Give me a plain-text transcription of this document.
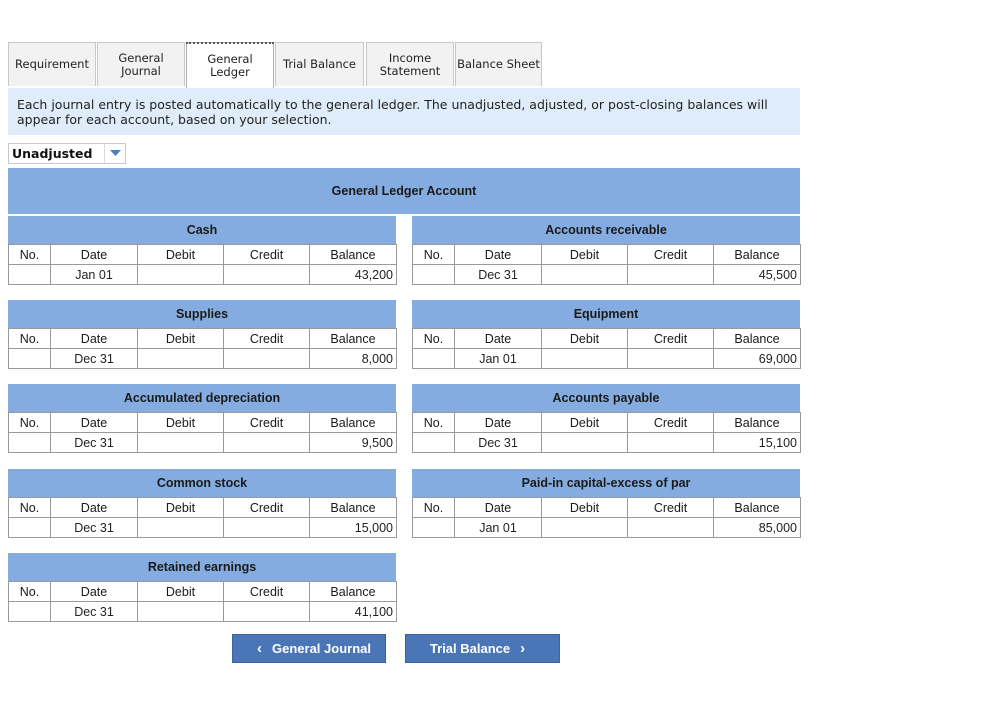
Requirement	General
Journal
General
Ledger
Trial Balance	Income
Statement	Balance Sheet
Each journal entry is posted automatically to the general ledger. The unadjusted, adjusted, or post-closing balances will appear for each account, based on your selection.
Unadjusted
General Ledger Account
Cash
No.	Date	Debit	Credit	Balance
	Jan 01			43,200
Accounts receivable
No.	Date	Debit	Credit	Balance
	Dec 31			45,500
Supplies
No.	Date	Debit	Credit	Balance
	Dec 31			8,000
Equipment
No.	Date	Debit	Credit	Balance
	Jan 01			69,000
Accumulated depreciation
No.	Date	Debit	Credit	Balance
	Dec 31			9,500
Accounts payable
No.	Date	Debit	Credit	Balance
	Dec 31			15,100
Common stock
No.	Date	Debit	Credit	Balance
	Dec 31			15,000
Paid-in capital-excess of par
No.	Date	Debit	Credit	Balance
	Jan 01			85,000
Retained earnings
No.	Date	Debit	Credit	Balance
	Dec 31			41,100
‹ General Journal	Trial Balance ›
